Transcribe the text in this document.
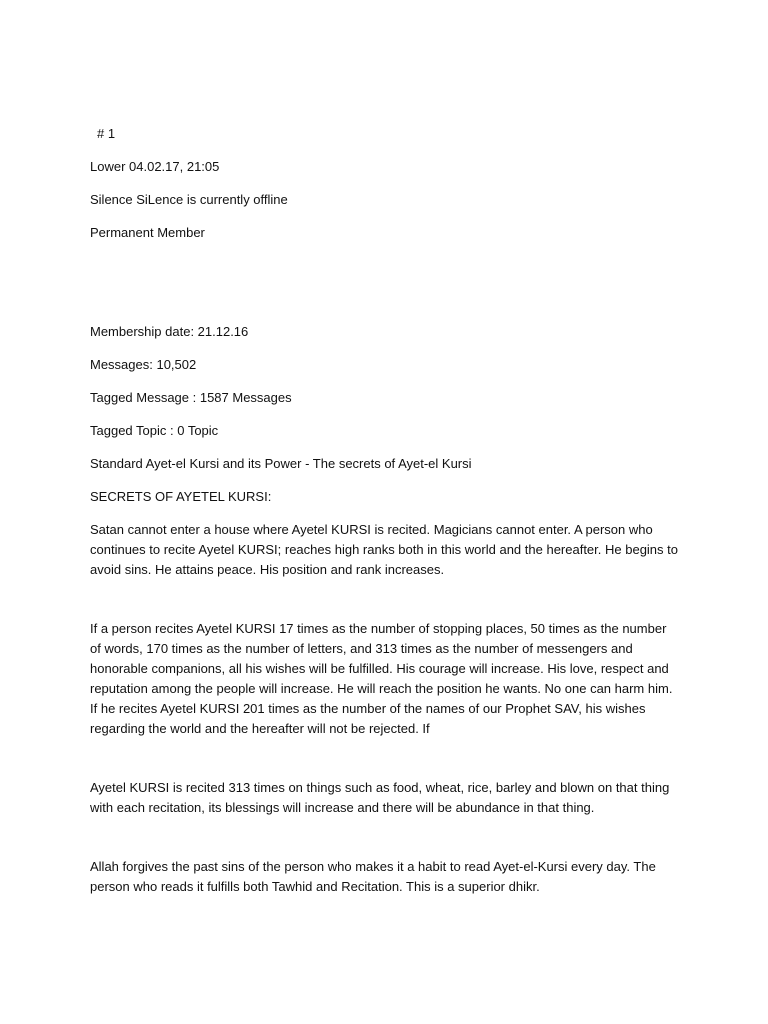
# 1
Lower 04.02.17, 21:05
Silence SiLence is currently offline
Permanent Member
Membership date: 21.12.16
Messages: 10,502
Tagged Message : 1587 Messages
Tagged Topic : 0 Topic
Standard Ayet-el Kursi and its Power - The secrets of Ayet-el Kursi
SECRETS OF AYETEL KURSI:

Satan cannot enter a house where Ayetel KURSI is recited. Magicians cannot enter. A person who continues to recite Ayetel KURSI; reaches high ranks both in this world and the hereafter. He begins to avoid sins. He attains peace. His position and rank increases.

If a person recites Ayetel KURSI 17 times as the number of stopping places, 50 times as the number of words, 170 times as the number of letters, and 313 times as the number of messengers and honorable companions, all his wishes will be fulfilled. His courage will increase. His love, respect and reputation among the people will increase. He will reach the position he wants. No one can harm him. If he recites Ayetel KURSI 201 times as the number of the names of our Prophet SAV, his wishes regarding the world and the hereafter will not be rejected. If

Ayetel KURSI is recited 313 times on things such as food, wheat, rice, barley and blown on that thing with each recitation, its blessings will increase and there will be abundance in that thing.

Allah forgives the past sins of the person who makes it a habit to read Ayet-el-Kursi every day. The person who reads it fulfills both Tawhid and Recitation. This is a superior dhikr.
